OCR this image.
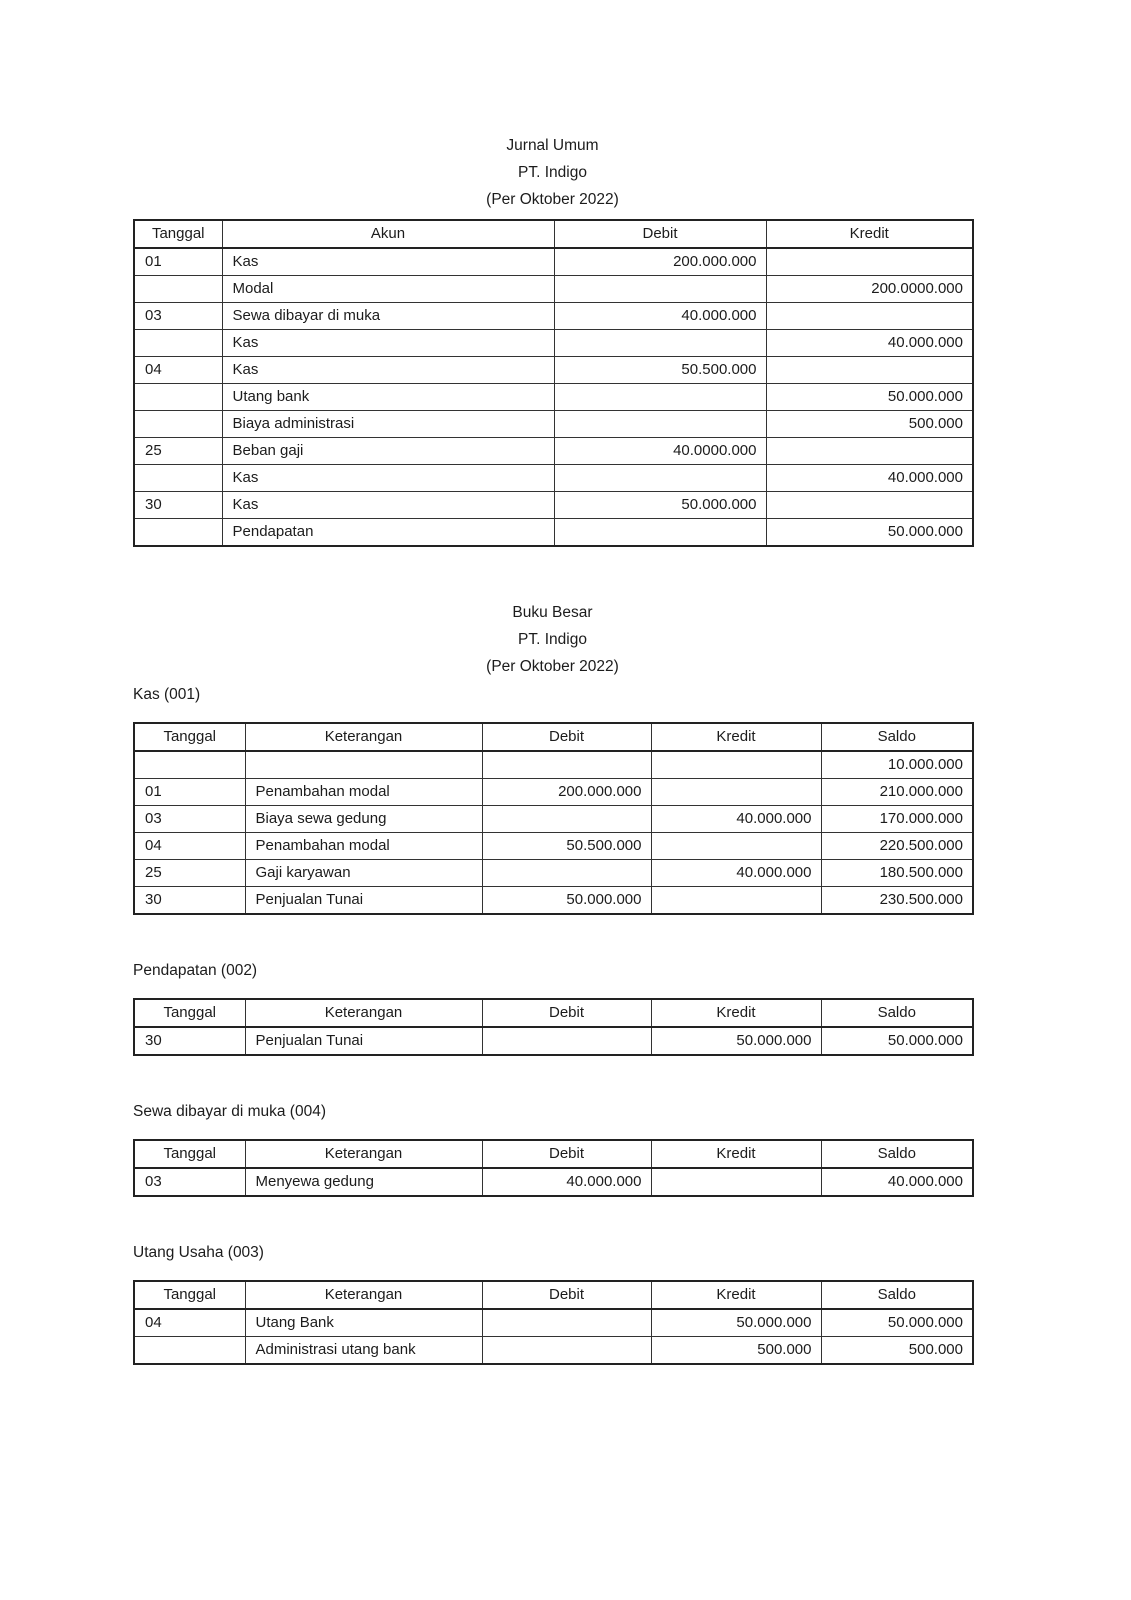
Jurnal Umum
PT. Indigo
(Per Oktober 2022)
Tanggal	Akun	Debit	Kredit
01	Kas	200.000.000	
	Modal		200.0000.000
03	Sewa dibayar di muka	40.000.000	
	Kas		40.000.000
04	Kas	50.500.000	
	Utang bank		50.000.000
	Biaya administrasi		500.000
25	Beban gaji	40.0000.000	
	Kas		40.000.000
30	Kas	50.000.000	
	Pendapatan		50.000.000
Buku Besar
PT. Indigo
(Per Oktober 2022)
Kas (001)
Tanggal	Keterangan	Debit	Kredit	Saldo
				10.000.000
01	Penambahan modal	200.000.000		210.000.000
03	Biaya sewa gedung		40.000.000	170.000.000
04	Penambahan modal	50.500.000		220.500.000
25	Gaji karyawan		40.000.000	180.500.000
30	Penjualan Tunai	50.000.000		230.500.000
Pendapatan (002)
Tanggal	Keterangan	Debit	Kredit	Saldo
30	Penjualan Tunai		50.000.000	50.000.000
Sewa dibayar di muka (004)
Tanggal	Keterangan	Debit	Kredit	Saldo
03	Menyewa gedung	40.000.000		40.000.000
Utang Usaha (003)
Tanggal	Keterangan	Debit	Kredit	Saldo
04	Utang Bank		50.000.000	50.000.000
	Administrasi utang bank		500.000	500.000
